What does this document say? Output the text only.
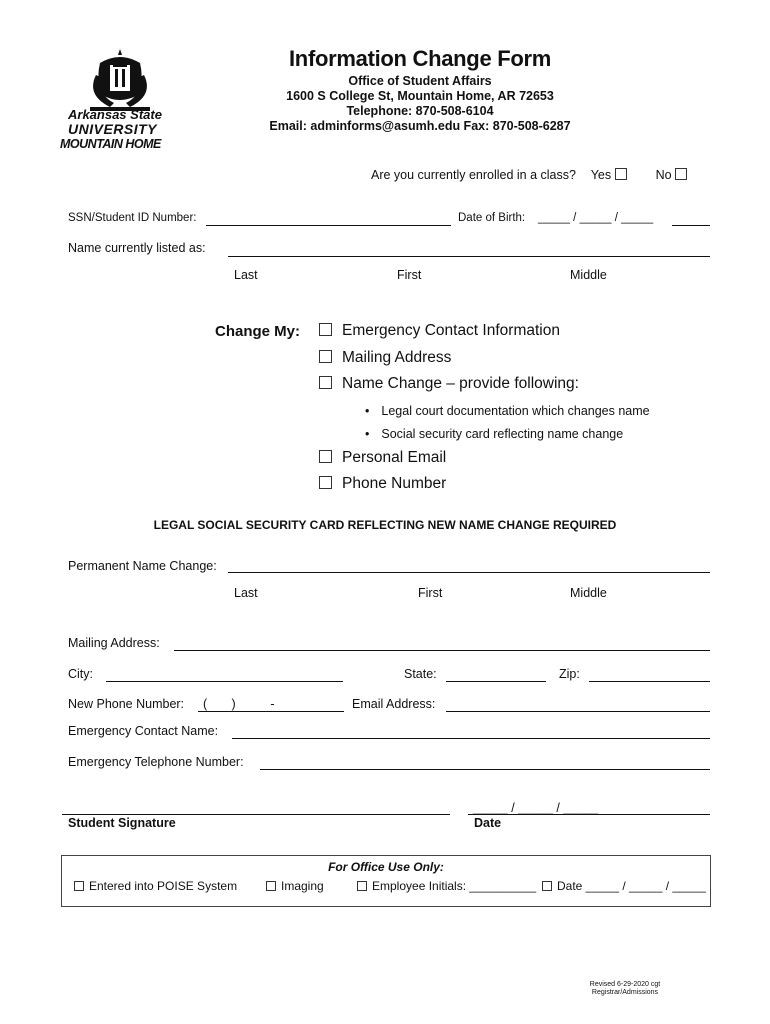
Arkansas State
UNIVERSITY
MOUNTAIN HOME
Information Change Form
Office of Student Affairs
1600 S College St, Mountain Home, AR 72653
Telephone: 870-508-6104
Email: adminforms@asumh.edu Fax: 870-508-6287
Are you currently enrolled in a class? Yes	No
SSN/Student ID Number:	Date of Birth: _____ / _____ / _____
Name currently listed as:
Last	First	Middle
Change My:	Emergency Contact Information
Mailing Address
Name Change – provide following:
• Legal court documentation which changes name
• Social security card reflecting name change
Personal Email
Phone Number
LEGAL SOCIAL SECURITY CARD REFLECTING NEW NAME CHANGE REQUIRED
Permanent Name Change:
Last	First	Middle
Mailing Address:
City:	State:	Zip:
New Phone Number: (       )          -	Email Address:
Emergency Contact Name:
Emergency Telephone Number:
_____ / _____ / _____
Student Signature	Date
For Office Use Only:
Entered into POISE System	Imaging	Employee Initials: __________	Date _____ / _____ / _____
Revised 6-29-2020 cgt
Registrar/Admissions
